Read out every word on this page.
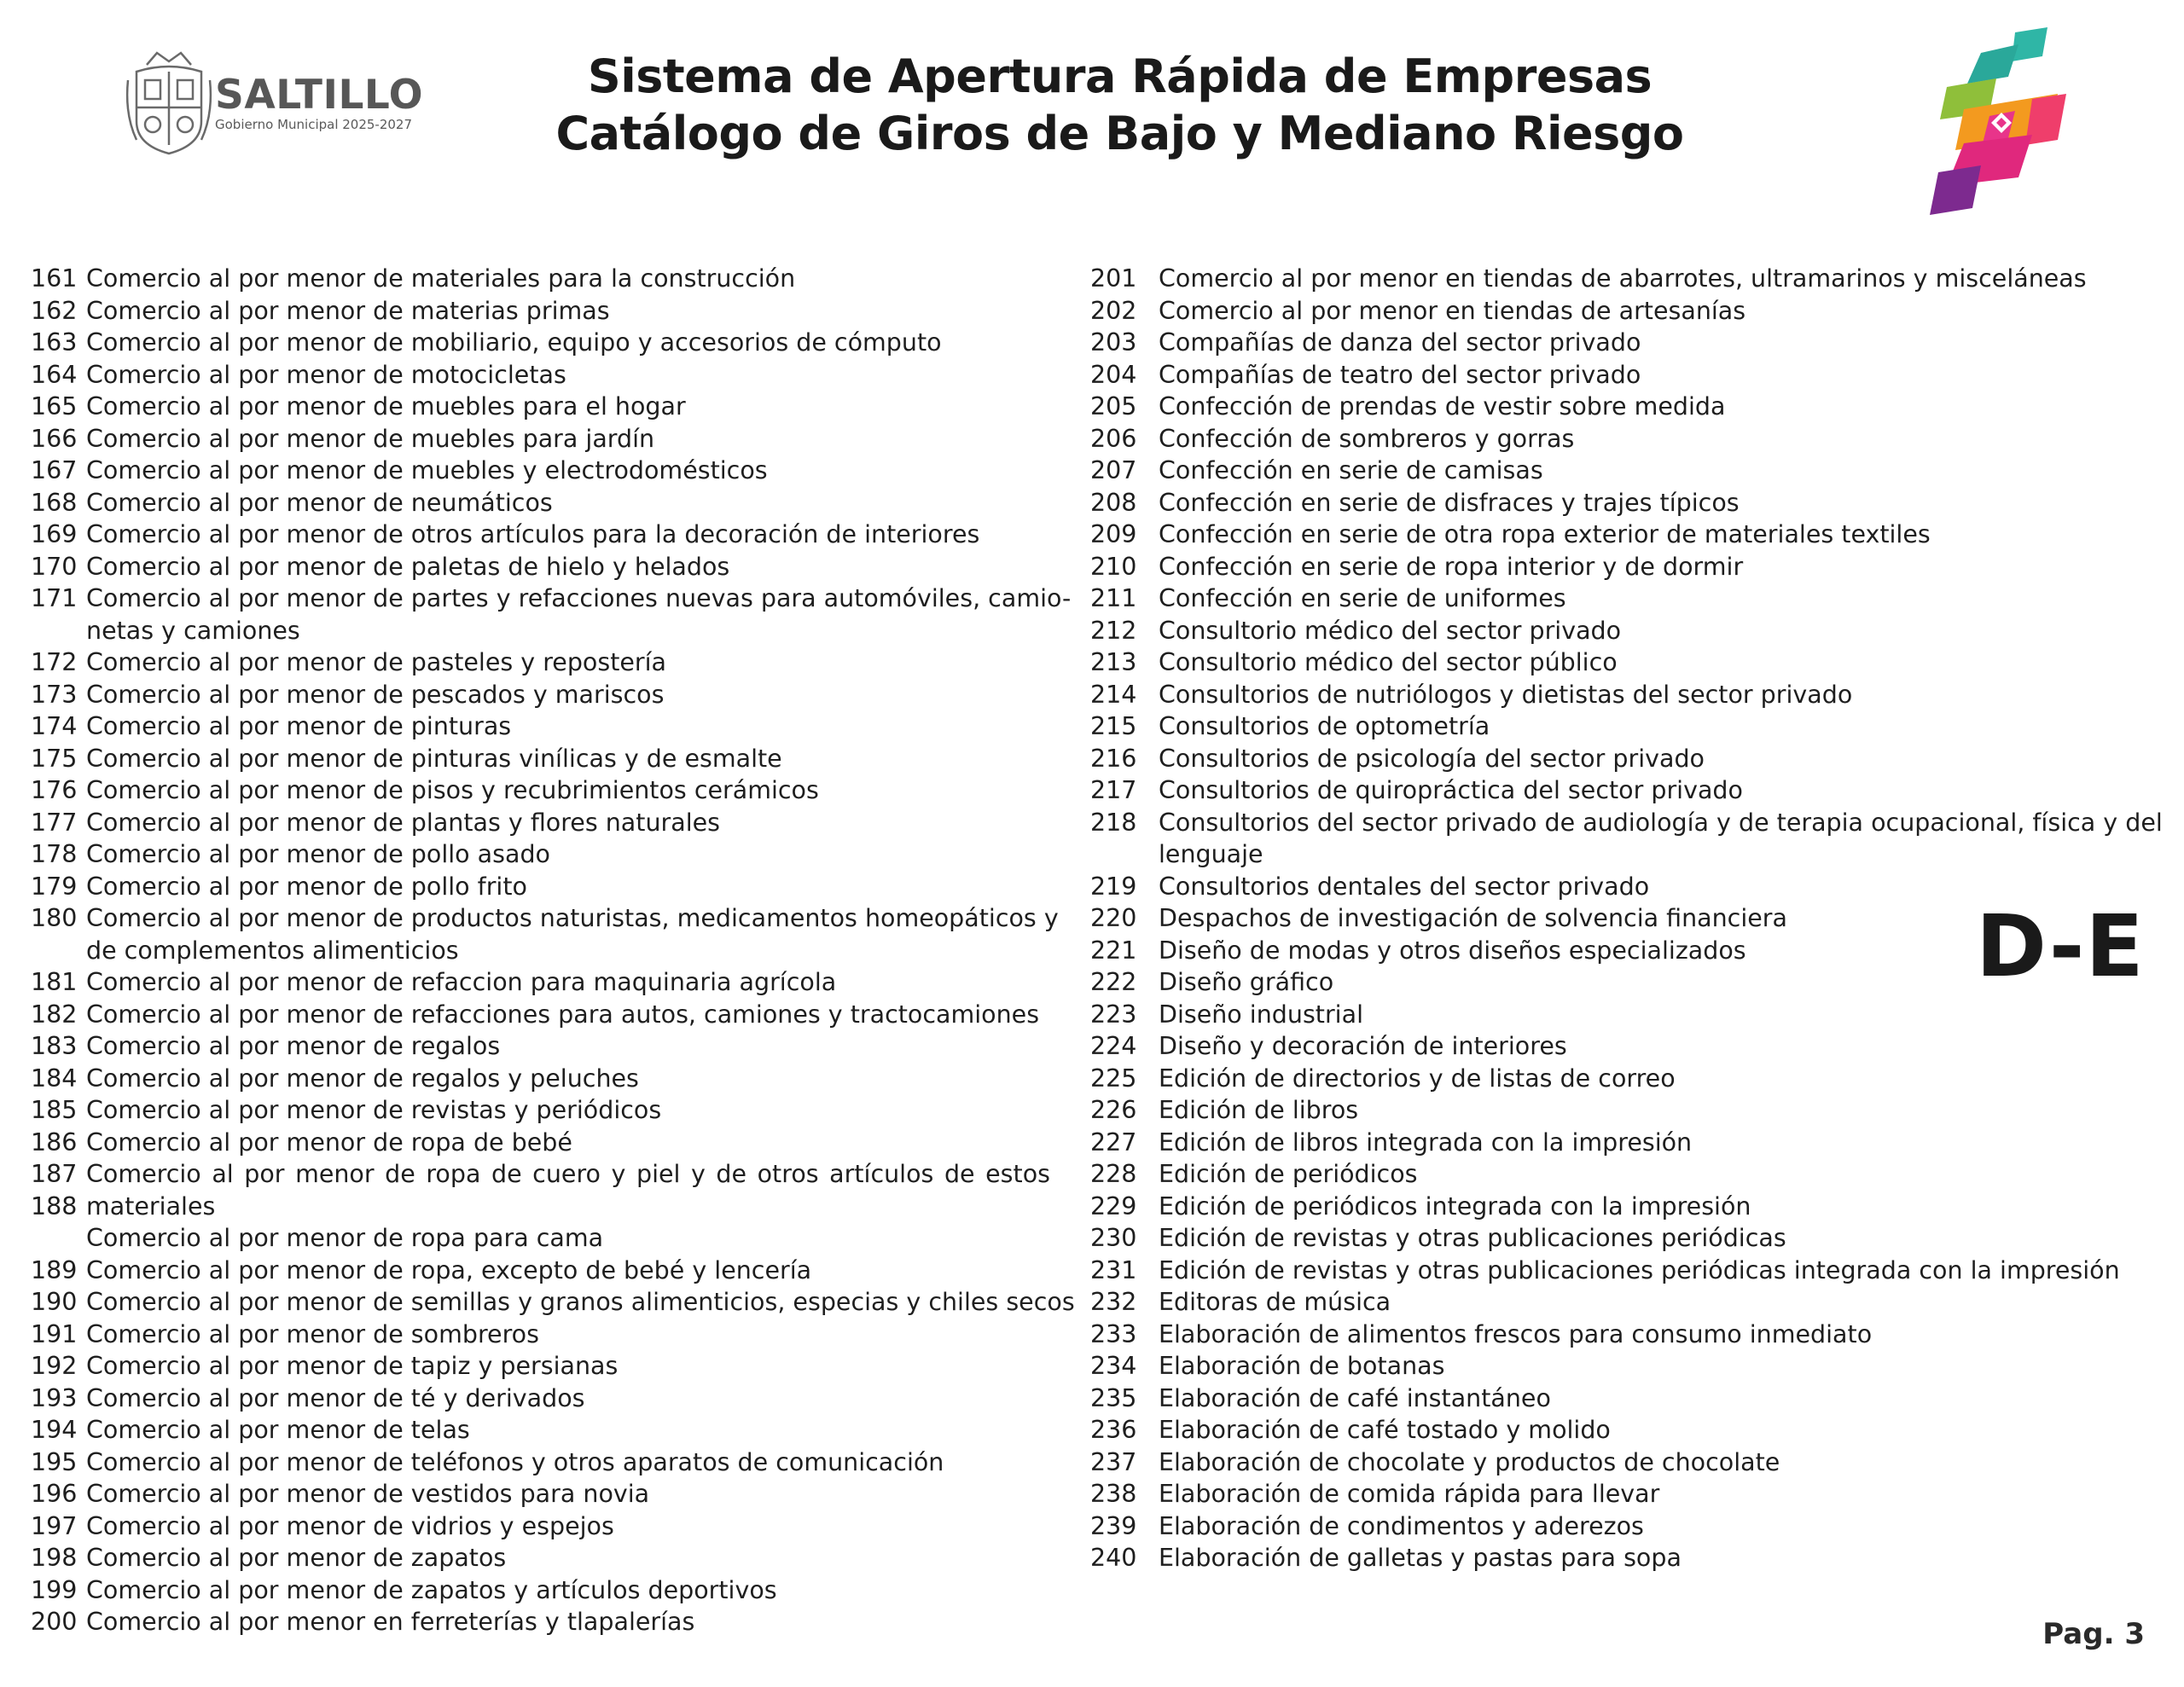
SALTILLO
Gobierno Municipal 2025-2027
Sistema de Apertura Rápida de Empresas
Catálogo de Giros de Bajo y Mediano Riesgo
161 Comercio al por menor de materiales para la construcción
162 Comercio al por menor de materias primas
163 Comercio al por menor de mobiliario, equipo y accesorios de cómputo
164 Comercio al por menor de motocicletas
165 Comercio al por menor de muebles para el hogar
166 Comercio al por menor de muebles para jardín
167 Comercio al por menor de muebles y electrodomésticos
168 Comercio al por menor de neumáticos
169 Comercio al por menor de otros artículos para la decoración de interiores
170 Comercio al por menor de paletas de hielo y helados
171 Comercio al por menor de partes y refacciones nuevas para automóviles, camio-
netas y camiones
172 Comercio al por menor de pasteles y repostería
173 Comercio al por menor de pescados y mariscos
174 Comercio al por menor de pinturas
175 Comercio al por menor de pinturas vinílicas y de esmalte
176 Comercio al por menor de pisos y recubrimientos cerámicos
177 Comercio al por menor de plantas y flores naturales
178 Comercio al por menor de pollo asado
179 Comercio al por menor de pollo frito
180 Comercio al por menor de productos naturistas, medicamentos homeopáticos y
de complementos alimenticios
181 Comercio al por menor de refaccion para maquinaria agrícola
182 Comercio al por menor de refacciones para autos, camiones y tractocamiones
183 Comercio al por menor de regalos
184 Comercio al por menor de regalos y peluches
185 Comercio al por menor de revistas y periódicos
186 Comercio al por menor de ropa de bebé
187 Comercio al por menor de ropa de cuero y piel y de otros artículos de estos
188 materiales
Comercio al por menor de ropa para cama
189 Comercio al por menor de ropa, excepto de bebé y lencería
190 Comercio al por menor de semillas y granos alimenticios, especias y chiles secos
191 Comercio al por menor de sombreros
192 Comercio al por menor de tapiz y persianas
193 Comercio al por menor de té y derivados
194 Comercio al por menor de telas
195 Comercio al por menor de teléfonos y otros aparatos de comunicación
196 Comercio al por menor de vestidos para novia
197 Comercio al por menor de vidrios y espejos
198 Comercio al por menor de zapatos
199 Comercio al por menor de zapatos y artículos deportivos
200 Comercio al por menor en ferreterías y tlapalerías
201 Comercio al por menor en tiendas de abarrotes, ultramarinos y misceláneas
202 Comercio al por menor en tiendas de artesanías
203 Compañías de danza del sector privado
204 Compañías de teatro del sector privado
205 Confección de prendas de vestir sobre medida
206 Confección de sombreros y gorras
207 Confección en serie de camisas
208 Confección en serie de disfraces y trajes típicos
209 Confección en serie de otra ropa exterior de materiales textiles
210 Confección en serie de ropa interior y de dormir
211 Confección en serie de uniformes
212 Consultorio médico del sector privado
213 Consultorio médico del sector público
214 Consultorios de nutriólogos y dietistas del sector privado
215 Consultorios de optometría
216 Consultorios de psicología del sector privado
217 Consultorios de quiropráctica del sector privado
218 Consultorios del sector privado de audiología y de terapia ocupacional, física y del
lenguaje
219 Consultorios dentales del sector privado
220 Despachos de investigación de solvencia financiera
221 Diseño de modas y otros diseños especializados
222 Diseño gráfico
223 Diseño industrial
224 Diseño y decoración de interiores
225 Edición de directorios y de listas de correo
226 Edición de libros
227 Edición de libros integrada con la impresión
228 Edición de periódicos
229 Edición de periódicos integrada con la impresión
230 Edición de revistas y otras publicaciones periódicas
231 Edición de revistas y otras publicaciones periódicas integrada con la impresión
232 Editoras de música
233 Elaboración de alimentos frescos para consumo inmediato
234 Elaboración de botanas
235 Elaboración de café instantáneo
236 Elaboración de café tostado y molido
237 Elaboración de chocolate y productos de chocolate
238 Elaboración de comida rápida para llevar
239 Elaboración de condimentos y aderezos
240 Elaboración de galletas y pastas para sopa
D-E
Pag. 3
